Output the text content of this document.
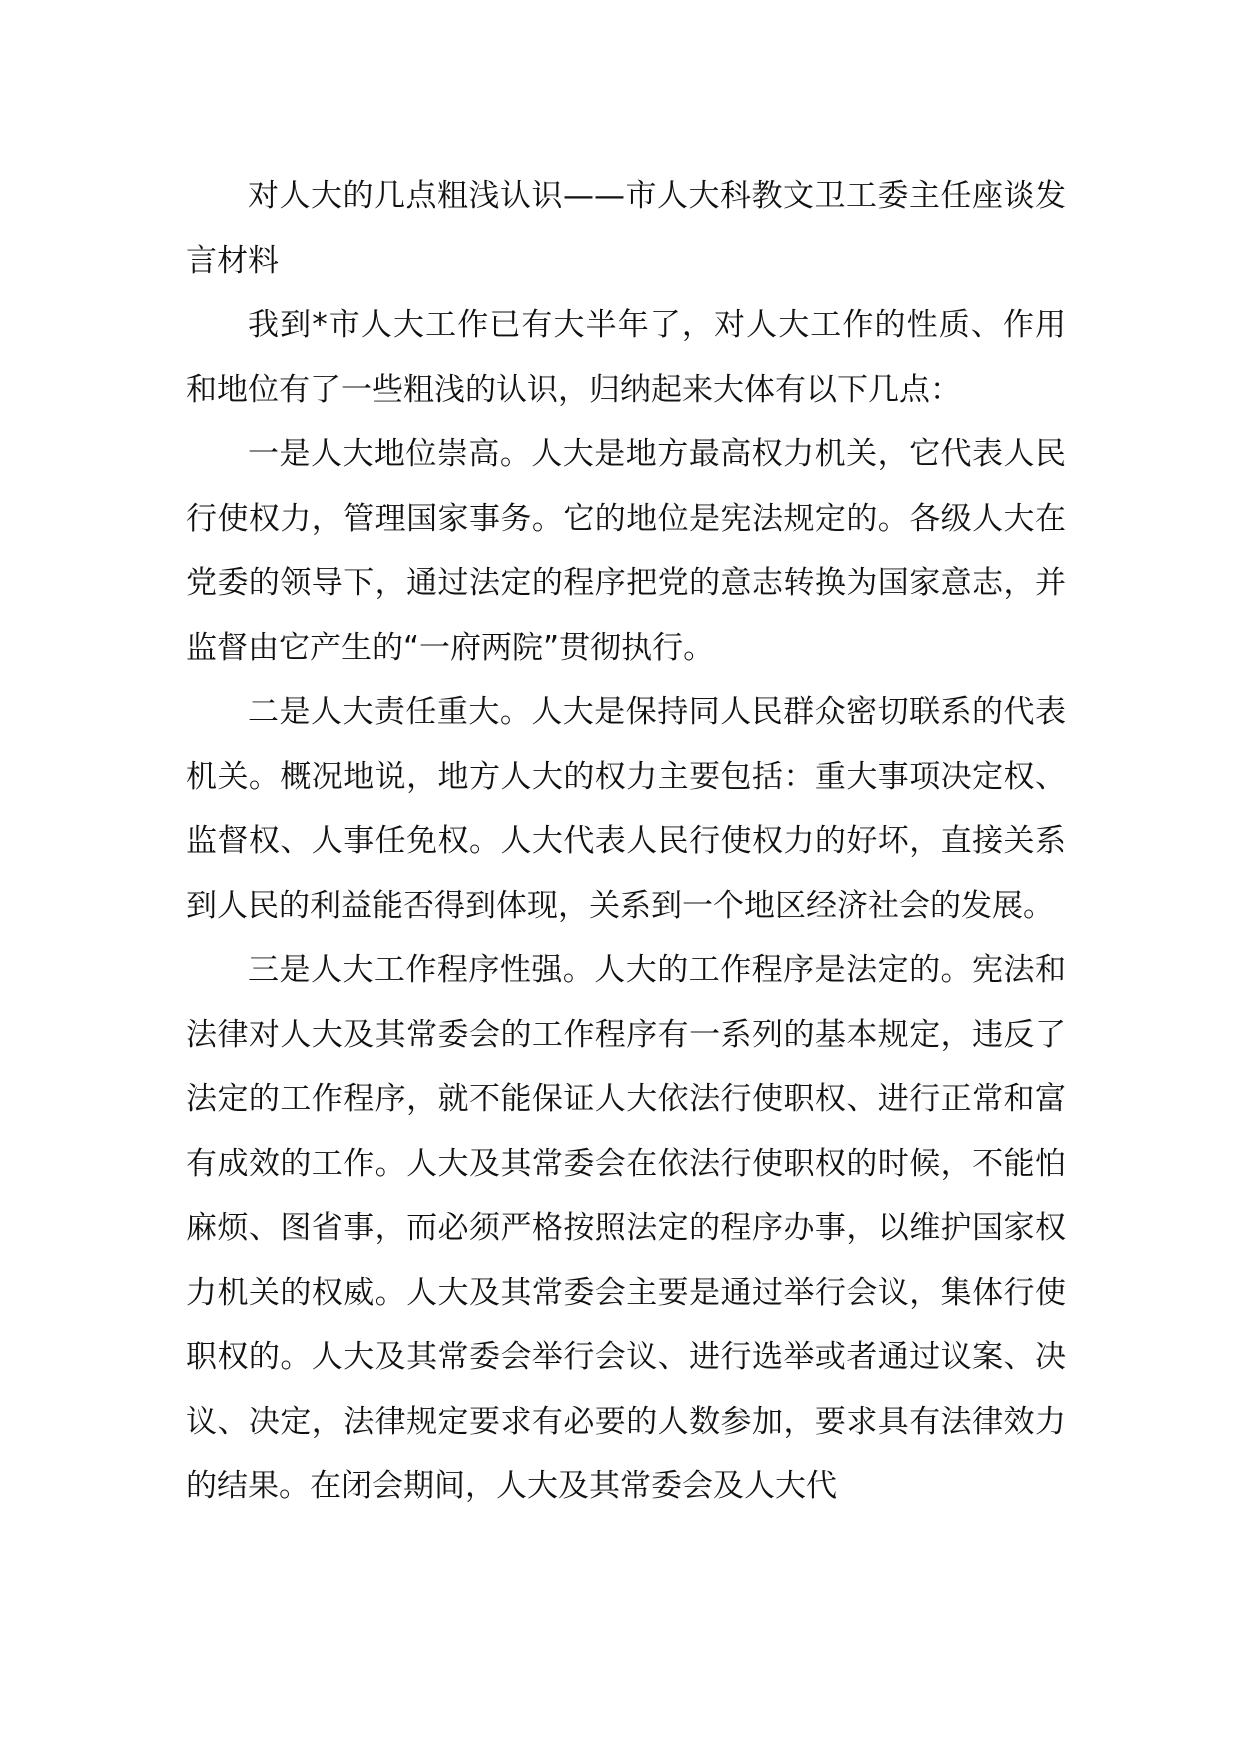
对人大的几点粗浅认识——市人大科教文卫工委主任座谈发言材料

我到*市人大工作已有大半年了，对人大工作的性质、作用和地位有了一些粗浅的认识，归纳起来大体有以下几点：

一是人大地位崇高。人大是地方最高权力机关，它代表人民行使权力，管理国家事务。它的地位是宪法规定的。各级人大在党委的领导下，通过法定的程序把党的意志转换为国家意志，并监督由它产生的“一府两院”贯彻执行。

二是人大责任重大。人大是保持同人民群众密切联系的代表机关。概况地说，地方人大的权力主要包括：重大事项决定权、监督权、人事任免权。人大代表人民行使权力的好坏，直接关系到人民的利益能否得到体现，关系到一个地区经济社会的发展。

三是人大工作程序性强。人大的工作程序是法定的。宪法和法律对人大及其常委会的工作程序有一系列的基本规定，违反了法定的工作程序，就不能保证人大依法行使职权、进行正常和富有成效的工作。人大及其常委会在依法行使职权的时候，不能怕麻烦、图省事，而必须严格按照法定的程序办事，以维护国家权力机关的权威。人大及其常委会主要是通过举行会议，集体行使职权的。人大及其常委会举行会议、进行选举或者通过议案、决议、决定，法律规定要求有必要的人数参加，要求具有法律效力的结果。在闭会期间，人大及其常委会及人大代
